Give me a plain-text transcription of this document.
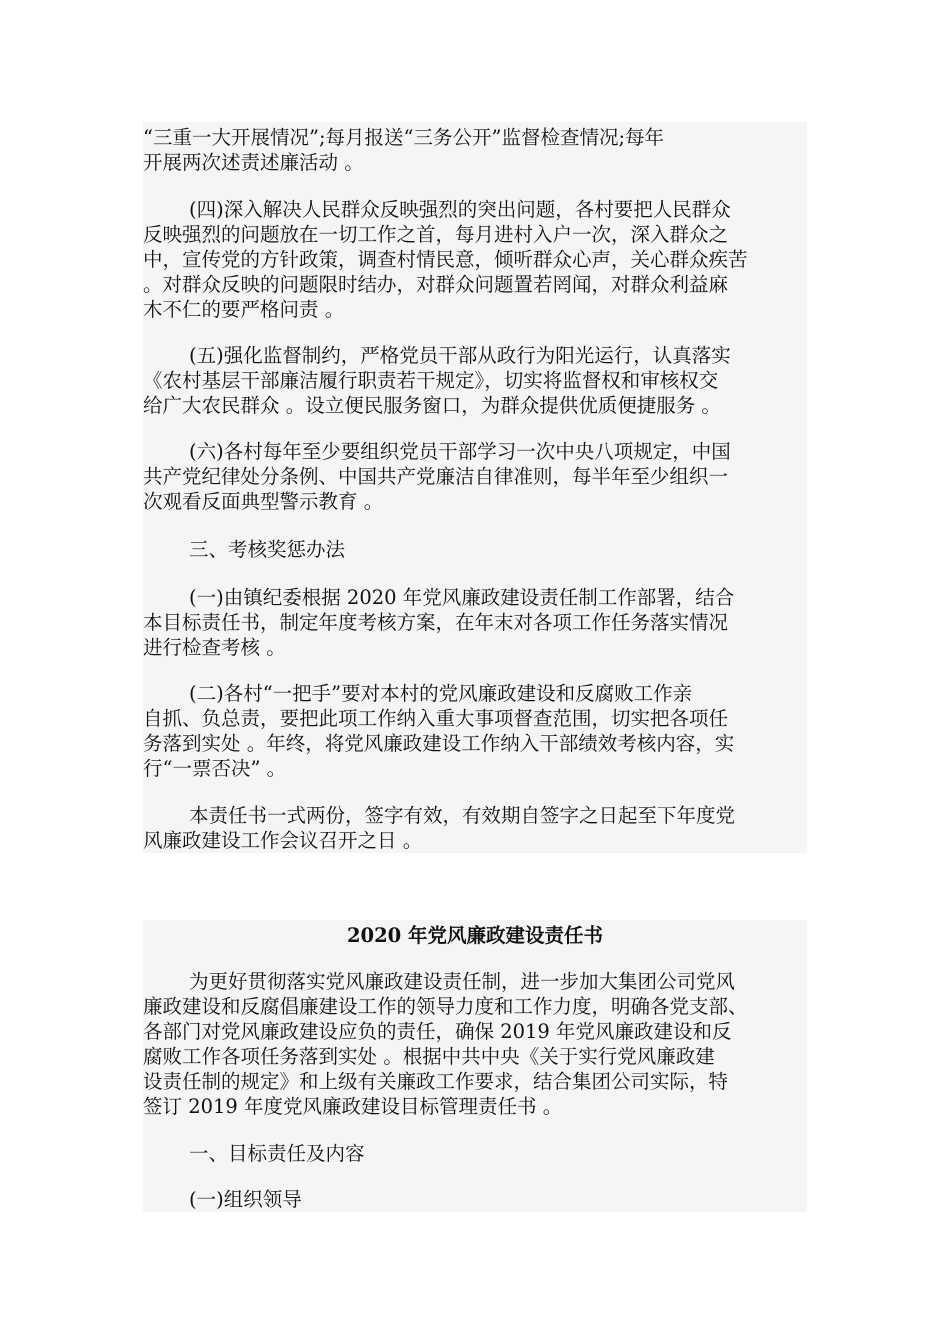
“三重一大开展情况”;每月报送“三务公开”监督检查情况;每年
开展两次述责述廉活动 。
(四)深入解决人民群众反映强烈的突出问题，各村要把人民群众
反映强烈的问题放在一切工作之首，每月进村入户一次，深入群众之
中，宣传党的方针政策，调查村情民意，倾听群众心声，关心群众疾苦
。对群众反映的问题限时结办，对群众问题置若罔闻，对群众利益麻
木不仁的要严格问责 。
(五)强化监督制约，严格党员干部从政行为阳光运行，认真落实
《农村基层干部廉洁履行职责若干规定》，切实将监督权和审核权交
给广大农民群众 。设立便民服务窗口，为群众提供优质便捷服务 。
(六)各村每年至少要组织党员干部学习一次中央八项规定，中国
共产党纪律处分条例、中国共产党廉洁自律准则，每半年至少组织一
次观看反面典型警示教育 。
三、考核奖惩办法
(一)由镇纪委根据 2020 年党风廉政建设责任制工作部署，结合
本目标责任书，制定年度考核方案，在年末对各项工作任务落实情况
进行检查考核 。
(二)各村“一把手”要对本村的党风廉政建设和反腐败工作亲
自抓、负总责，要把此项工作纳入重大事项督查范围，切实把各项任
务落到实处 。年终，将党风廉政建设工作纳入干部绩效考核内容，实
行“一票否决” 。
本责任书一式两份，签字有效，有效期自签字之日起至下年度党
风廉政建设工作会议召开之日 。
2020 年党风廉政建设责任书
为更好贯彻落实党风廉政建设责任制，进一步加大集团公司党风
廉政建设和反腐倡廉建设工作的领导力度和工作力度，明确各党支部、
各部门对党风廉政建设应负的责任，确保 2019 年党风廉政建设和反
腐败工作各项任务落到实处 。根据中共中央《关于实行党风廉政建
设责任制的规定》和上级有关廉政工作要求，结合集团公司实际，特
签订 2019 年度党风廉政建设目标管理责任书 。
一、目标责任及内容
(一)组织领导
